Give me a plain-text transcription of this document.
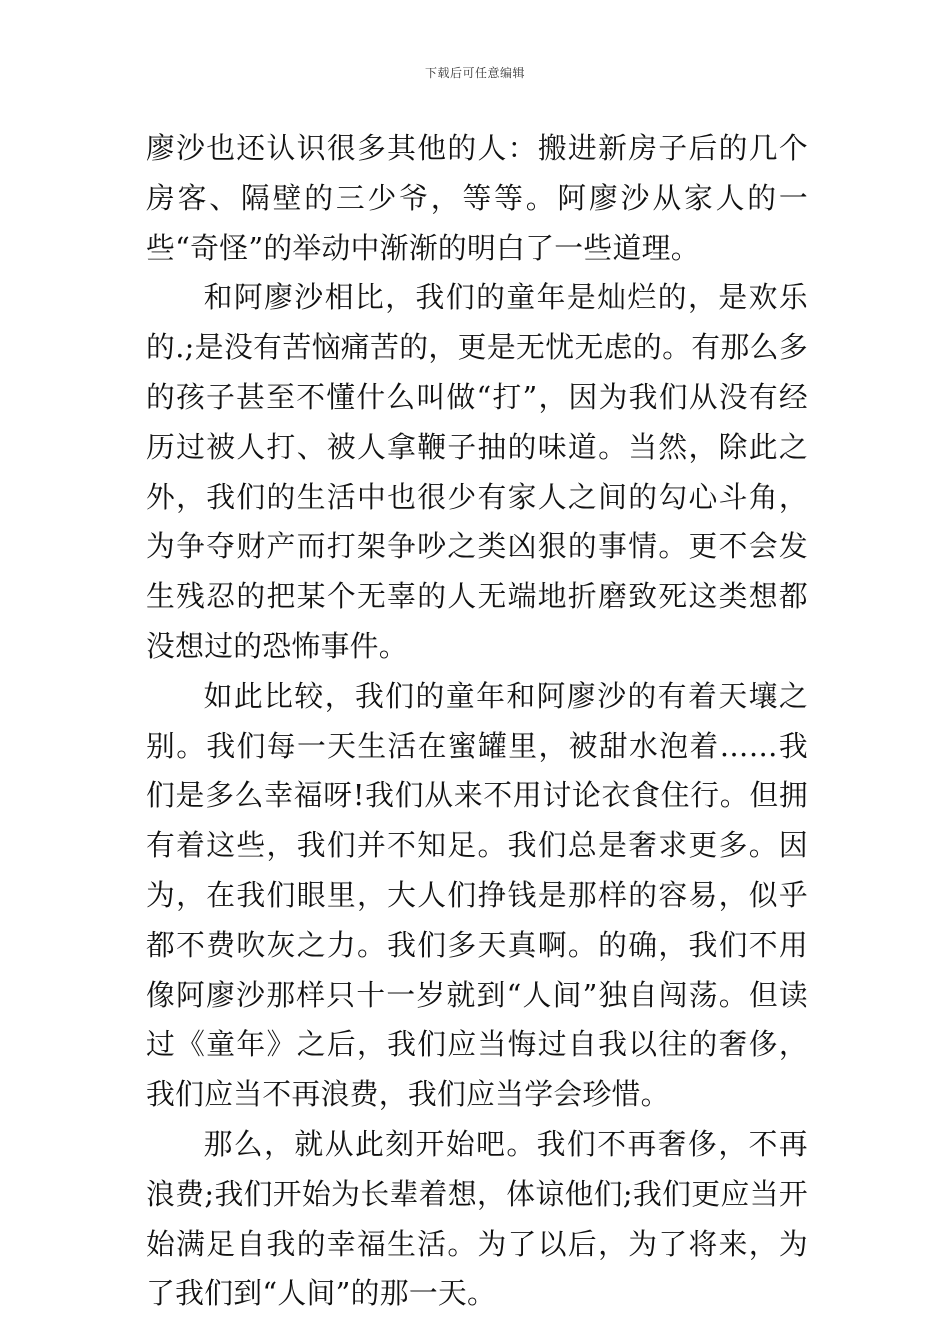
下载后可任意编辑

廖沙也还认识很多其他的人：搬进新房子后的几个房客、隔壁的三少爷，等等。阿廖沙从家人的一些“奇怪”的举动中渐渐的明白了一些道理。

和阿廖沙相比，我们的童年是灿烂的，是欢乐的.;是没有苦恼痛苦的，更是无忧无虑的。有那么多的孩子甚至不懂什么叫做“打”，因为我们从没有经历过被人打、被人拿鞭子抽的味道。当然，除此之外，我们的生活中也很少有家人之间的勾心斗角，为争夺财产而打架争吵之类凶狠的事情。更不会发生残忍的把某个无辜的人无端地折磨致死这类想都没想过的恐怖事件。

如此比较，我们的童年和阿廖沙的有着天壤之别。我们每一天生活在蜜罐里，被甜水泡着……我们是多么幸福呀!我们从来不用讨论衣食住行。但拥有着这些，我们并不知足。我们总是奢求更多。因为，在我们眼里，大人们挣钱是那样的容易，似乎都不费吹灰之力。我们多天真啊。的确，我们不用像阿廖沙那样只十一岁就到“人间”独自闯荡。但读过《童年》之后，我们应当悔过自我以往的奢侈，我们应当不再浪费，我们应当学会珍惜。

那么，就从此刻开始吧。我们不再奢侈，不再浪费;我们开始为长辈着想，体谅他们;我们更应当开始满足自我的幸福生活。为了以后，为了将来，为了我们到“人间”的那一天。
